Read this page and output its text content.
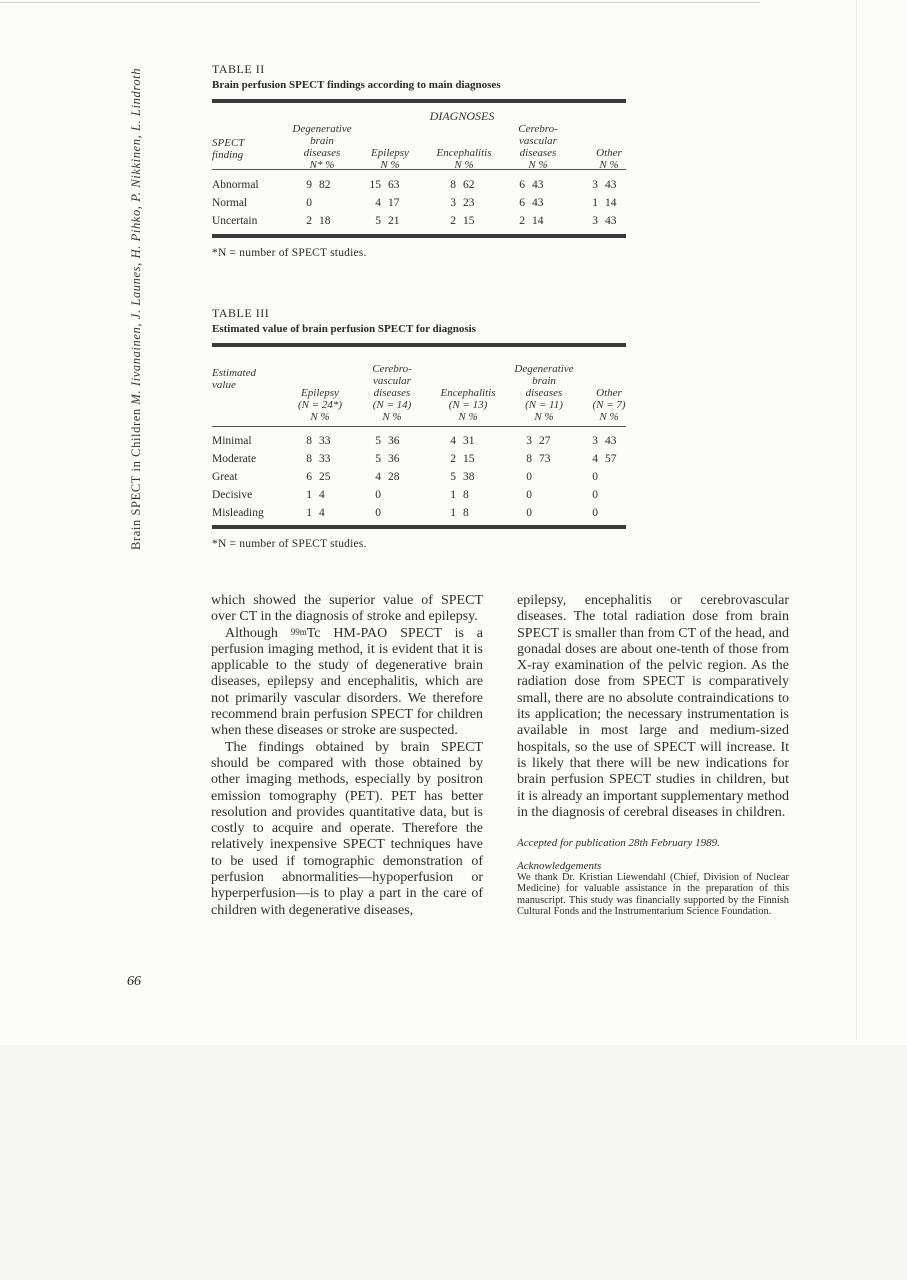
Brain SPECT in Children M. Iivanainen, J. Launes, H. Pihko, P. Nikkinen, L. Lindroth
66
TABLE II
Brain perfusion SPECT findings according to main diagnoses
DIAGNOSES
SPECT
finding
Degenerative
brain
diseases
N* %
Epilepsy
N %
Encephalitis
N %
Cerebro-
vascular
diseases
N %
Other
N %
Abnormal	9 82	15 63	8 62	6 43	3 43
Normal	0	4 17	3 23	6 43	1 14
Uncertain	2 18	5 21	2 15	2 14	3 43
*N = number of SPECT studies.
TABLE III
Estimated value of brain perfusion SPECT for diagnosis
Estimated
value
Epilepsy
(N = 24*)
N %
Cerebro-
vascular
diseases
(N = 14)
N %
Encephalitis
(N = 13)
N %
Degenerative
brain
diseases
(N = 11)
N %
Other
(N = 7)
N %
Minimal	8 33	5 36	4 31	3 27	3 43
Moderate	8 33	5 36	2 15	8 73	4 57
Great	6 25	4 28	5 38	0	0
Decisive	1 4	0	1 8	0	0
Misleading	1 4	0	1 8	0	0
*N = number of SPECT studies.

which showed the superior value of SPECT over CT in the diagnosis of stroke and epilepsy.

Although $^{99m}$Tc HM-PAO SPECT is a perfusion imaging method, it is evident that it is applicable to the study of degenerative brain diseases, epilepsy and encephalitis, which are not primarily vascular disorders. We therefore recommend brain perfusion SPECT for children when these diseases or stroke are suspected.

The findings obtained by brain SPECT should be compared with those obtained by other imaging methods, especially by positron emission tomography (PET). PET has better resolution and provides quantitative data, but is costly to acquire and operate. Therefore the relatively inexpensive SPECT techniques have to be used if tomographic demonstration of perfusion abnormalities—hypoperfusion or hyperperfusion—is to play a part in the care of children with degenerative diseases,

epilepsy, encephalitis or cerebrovascular diseases. The total radiation dose from brain SPECT is smaller than from CT of the head, and gonadal doses are about one-tenth of those from X-ray examination of the pelvic region. As the radiation dose from SPECT is comparatively small, there are no absolute contraindications to its application; the necessary instrumentation is available in most large and medium-sized hospitals, so the use of SPECT will increase. It is likely that there will be new indications for brain perfusion SPECT studies in children, but it is already an important supplementary method in the diagnosis of cerebral diseases in children.

Accepted for publication 28th February 1989.
Acknowledgements
We thank Dr. Kristian Liewendahl (Chief, Division of Nuclear Medicine) for valuable assistance in the preparation of this manuscript. This study was financially supported by the Finnish Cultural Fonds and the Instrumentarium Science Foundation.
